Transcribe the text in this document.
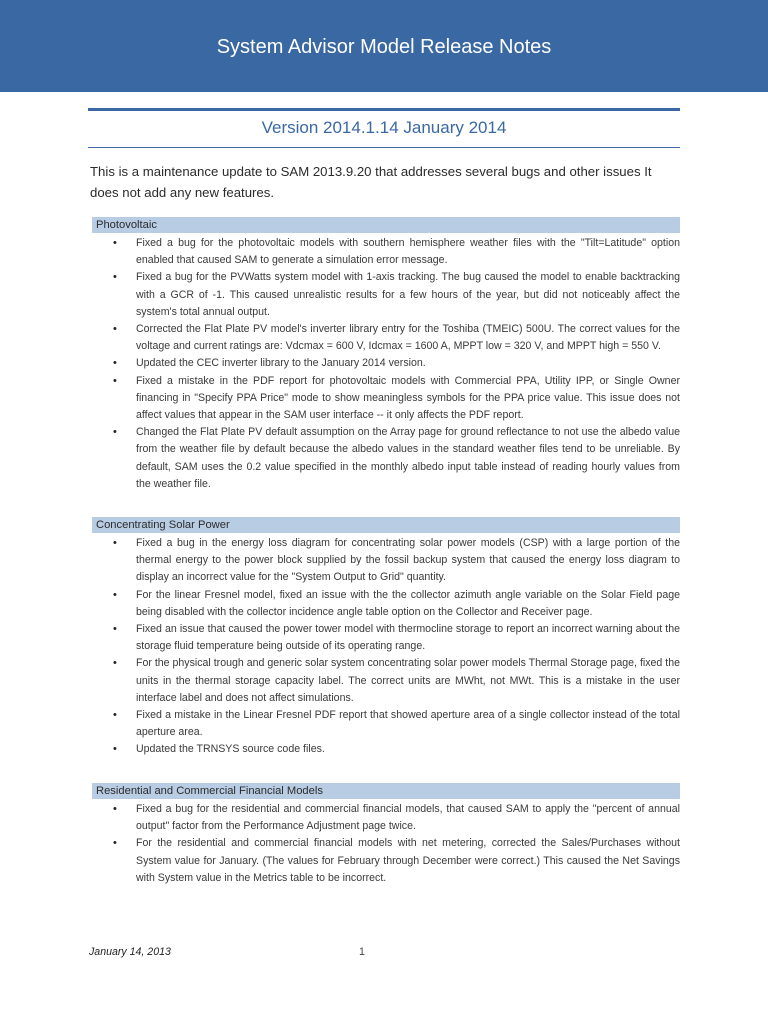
System Advisor Model Release Notes
Version 2014.1.14 January 2014
This is a maintenance update to SAM 2013.9.20 that addresses several bugs and other issues It does not add any new features.
Photovoltaic
• Fixed a bug for the photovoltaic models with southern hemisphere weather files with the "Tilt=Latitude" option enabled that caused SAM to generate a simulation error message.
• Fixed a bug for the PVWatts system model with 1-axis tracking. The bug caused the model to enable backtracking with a GCR of -1. This caused unrealistic results for a few hours of the year, but did not noticeably affect the system's total annual output.
• Corrected the Flat Plate PV model's inverter library entry for the Toshiba (TMEIC) 500U. The correct values for the voltage and current ratings are: Vdcmax = 600 V, Idcmax = 1600 A, MPPT low = 320 V, and MPPT high = 550 V.
• Updated the CEC inverter library to the January 2014 version.
• Fixed a mistake in the PDF report for photovoltaic models with Commercial PPA, Utility IPP, or Single Owner financing in "Specify PPA Price" mode to show meaningless symbols for the PPA price value. This issue does not affect values that appear in the SAM user interface -- it only affects the PDF report.
• Changed the Flat Plate PV default assumption on the Array page for ground reflectance to not use the albedo value from the weather file by default because the albedo values in the standard weather files tend to be unreliable. By default, SAM uses the 0.2 value specified in the monthly albedo input table instead of reading hourly values from the weather file.
Concentrating Solar Power
• Fixed a bug in the energy loss diagram for concentrating solar power models (CSP) with a large portion of the thermal energy to the power block supplied by the fossil backup system that caused the energy loss diagram to display an incorrect value for the "System Output to Grid" quantity.
• For the linear Fresnel model, fixed an issue with the the collector azimuth angle variable on the Solar Field page being disabled with the collector incidence angle table option on the Collector and Receiver page.
• Fixed an issue that caused the power tower model with thermocline storage to report an incorrect warning about the storage fluid temperature being outside of its operating range.
• For the physical trough and generic solar system concentrating solar power models Thermal Storage page, fixed the units in the thermal storage capacity label. The correct units are MWht, not MWt. This is a mistake in the user interface label and does not affect simulations.
• Fixed a mistake in the Linear Fresnel PDF report that showed aperture area of a single collector instead of the total aperture area.
• Updated the TRNSYS source code files.
Residential and Commercial Financial Models
• Fixed a bug for the residential and commercial financial models, that caused SAM to apply the "percent of annual output" factor from the Performance Adjustment page twice.
• For the residential and commercial financial models with net metering, corrected the Sales/Purchases without System value for January. (The values for February through December were correct.) This caused the Net Savings with System value in the Metrics table to be incorrect.
January 14, 2013	1
